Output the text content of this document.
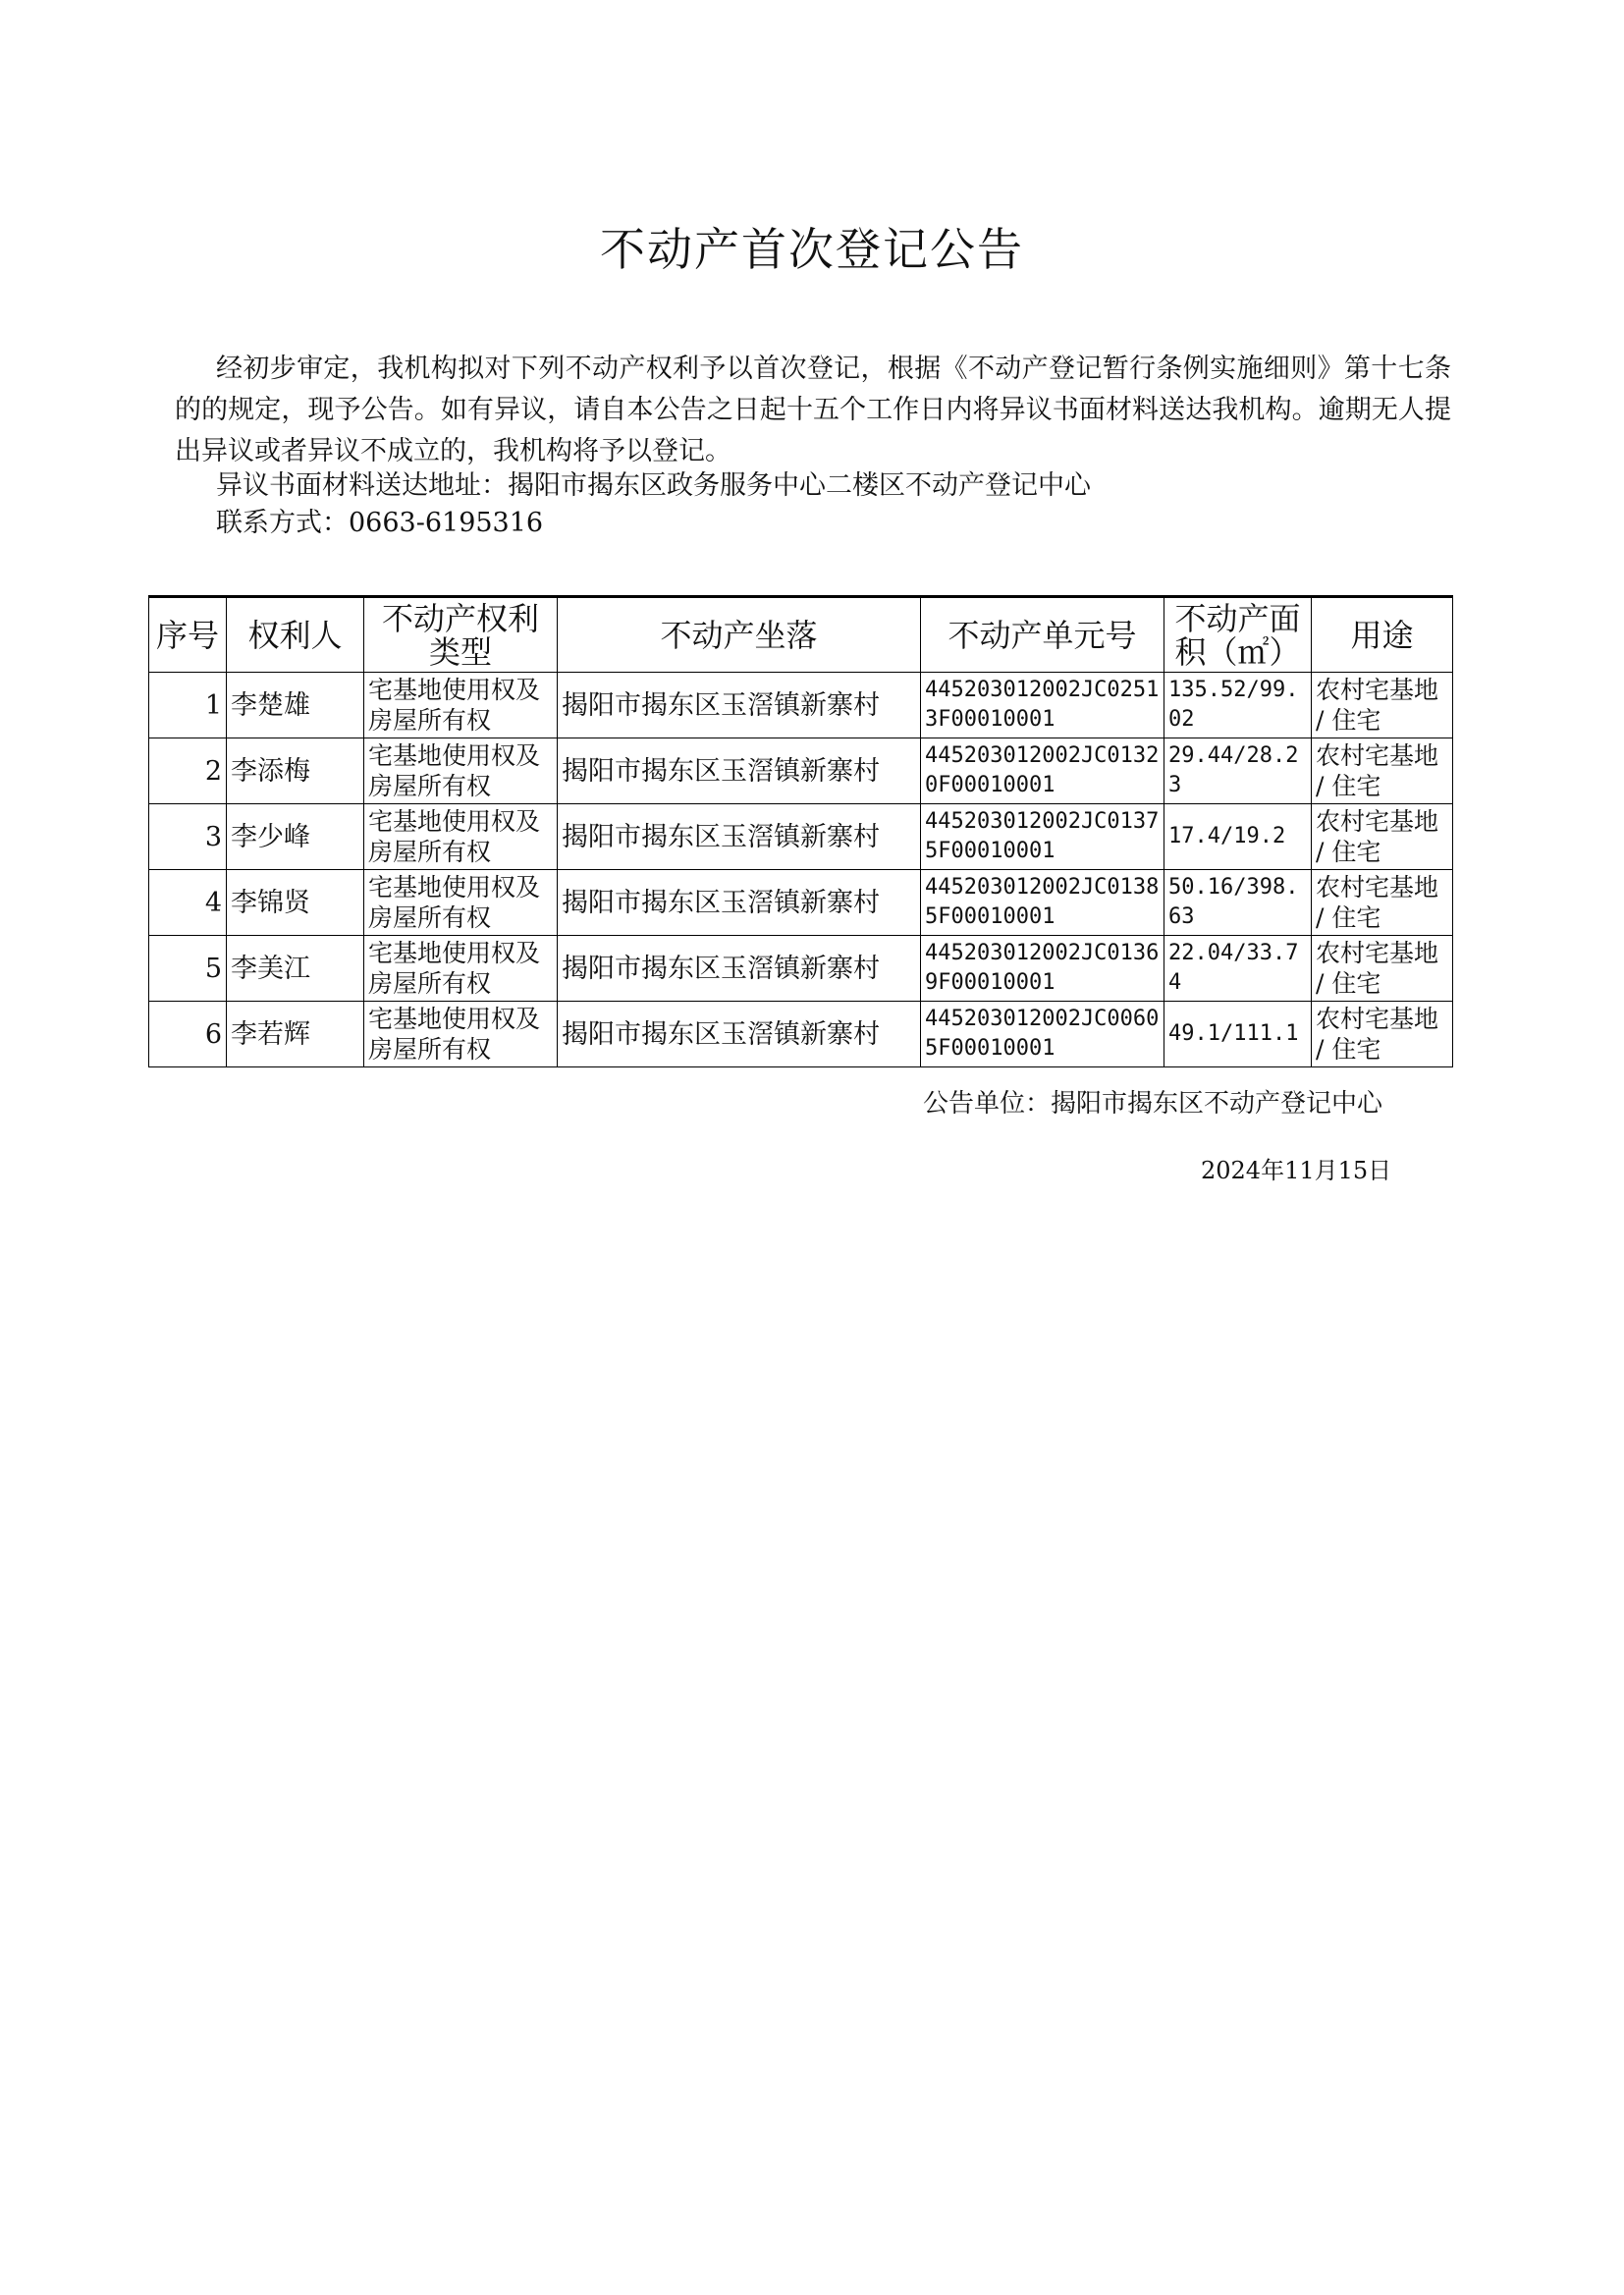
不动产首次登记公告
经初步审定，我机构拟对下列不动产权利予以首次登记，根据《不动产登记暂行条例实施细则》第十七条的的规定，现予公告。如有异议，请自本公告之日起十五个工作日内将异议书面材料送达我机构。逾期无人提出异议或者异议不成立的，我机构将予以登记。
异议书面材料送达地址：揭阳市揭东区政务服务中心二楼区不动产登记中心
联系方式：0663-6195316
序号	权利人	不动产权利类型	不动产坐落	不动产单元号	不动产面积（㎡）	用途
1	李楚雄	宅基地使用权及房屋所有权	揭阳市揭东区玉滘镇新寨村	445203012002JC02513F00010001	135.52/99.02	农村宅基地 / 住宅
2	李添梅	宅基地使用权及房屋所有权	揭阳市揭东区玉滘镇新寨村	445203012002JC01320F00010001	29.44/28.23	农村宅基地 / 住宅
3	李少峰	宅基地使用权及房屋所有权	揭阳市揭东区玉滘镇新寨村	445203012002JC01375F00010001	17.4/19.2	农村宅基地 / 住宅
4	李锦贤	宅基地使用权及房屋所有权	揭阳市揭东区玉滘镇新寨村	445203012002JC01385F00010001	50.16/398.63	农村宅基地 / 住宅
5	李美江	宅基地使用权及房屋所有权	揭阳市揭东区玉滘镇新寨村	445203012002JC01369F00010001	22.04/33.74	农村宅基地 / 住宅
6	李若辉	宅基地使用权及房屋所有权	揭阳市揭东区玉滘镇新寨村	445203012002JC00605F00010001	49.1/111.1	农村宅基地 / 住宅
公告单位：揭阳市揭东区不动产登记中心
2024年11月15日
